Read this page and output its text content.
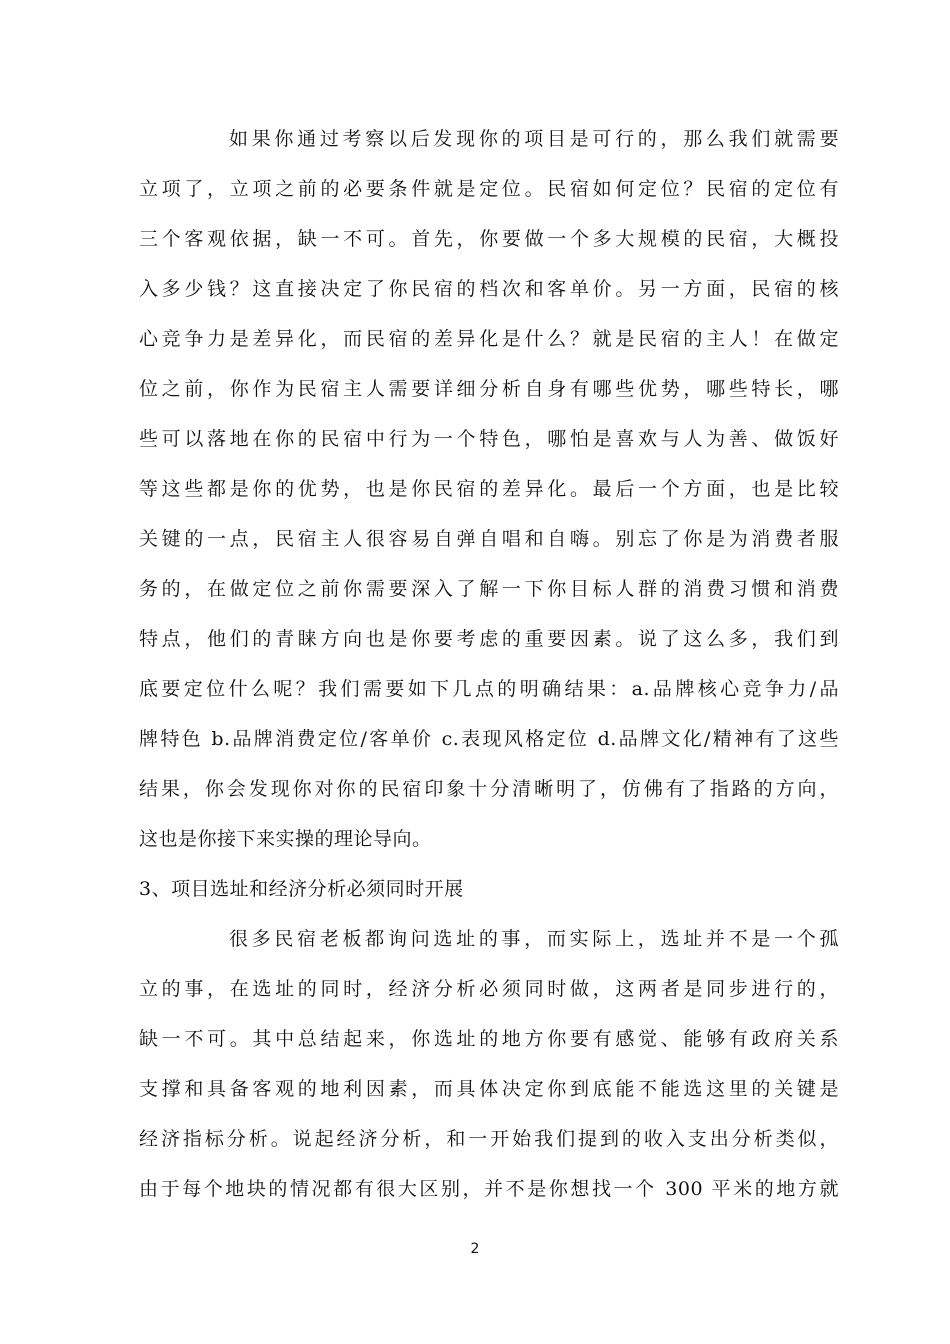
如果你通过考察以后发现你的项目是可行的，那么我们就需要
立项了，立项之前的必要条件就是定位。民宿如何定位？民宿的定位有
三个客观依据，缺一不可。首先，你要做一个多大规模的民宿，大概投
入多少钱？这直接决定了你民宿的档次和客单价。另一方面，民宿的核
心竞争力是差异化，而民宿的差异化是什么？就是民宿的主人！在做定
位之前，你作为民宿主人需要详细分析自身有哪些优势，哪些特长，哪
些可以落地在你的民宿中行为一个特色，哪怕是喜欢与人为善、做饭好
等这些都是你的优势，也是你民宿的差异化。最后一个方面，也是比较
关键的一点，民宿主人很容易自弹自唱和自嗨。别忘了你是为消费者服
务的，在做定位之前你需要深入了解一下你目标人群的消费习惯和消费
特点，他们的青睐方向也是你要考虑的重要因素。说了这么多，我们到
底要定位什么呢？我们需要如下几点的明确结果：a.品牌核心竞争力/品
牌特色 b.品牌消费定位/客单价 c.表现风格定位 d.品牌文化/精神有了这些
结果，你会发现你对你的民宿印象十分清晰明了，仿佛有了指路的方向，
这也是你接下来实操的理论导向。
3、项目选址和经济分析必须同时开展
很多民宿老板都询问选址的事，而实际上，选址并不是一个孤
立的事，在选址的同时，经济分析必须同时做，这两者是同步进行的，
缺一不可。其中总结起来，你选址的地方你要有感觉、能够有政府关系
支撑和具备客观的地利因素，而具体决定你到底能不能选这里的关键是
经济指标分析。说起经济分析，和一开始我们提到的收入支出分析类似，
由于每个地块的情况都有很大区别，并不是你想找一个 300 平米的地方就
2
